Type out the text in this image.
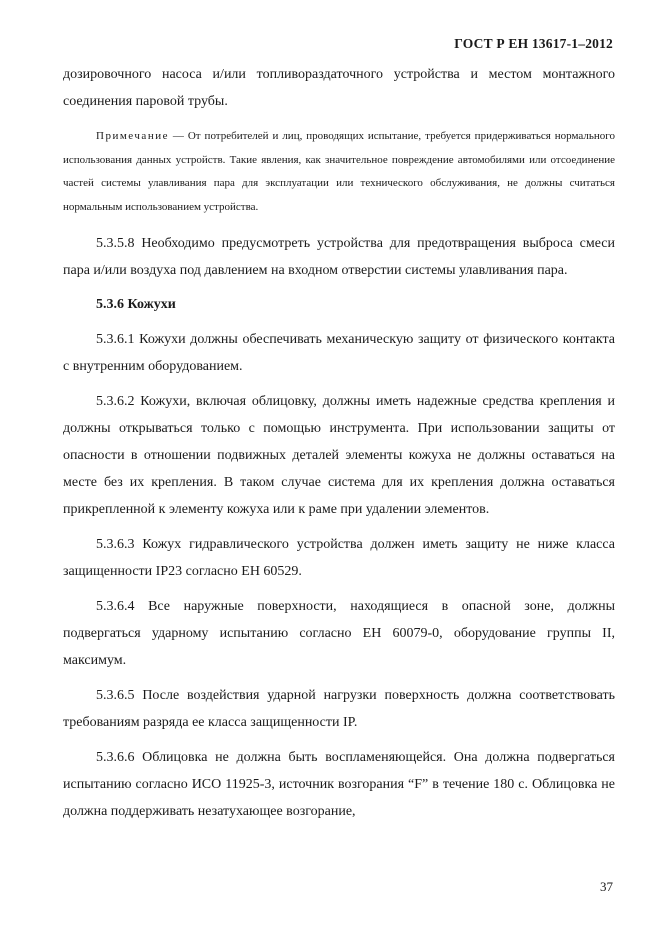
ГОСТ Р ЕН 13617-1–2012

дозировочного насоса и/или топливораздаточного устройства и местом монтажного соединения паровой трубы.

Примечание — От потребителей и лиц, проводящих испытание, требуется придерживаться нормального использования данных устройств. Такие явления, как значительное повреждение автомобилями или отсоединение частей системы улавливания пара для эксплуатации или технического обслуживания, не должны считаться нормальным использованием устройства.

5.3.5.8 Необходимо предусмотреть устройства для предотвращения выброса смеси пара и/или воздуха под давлением на входном отверстии системы улавливания пара.

5.3.6 Кожухи

5.3.6.1 Кожухи должны обеспечивать механическую защиту от физического контакта с внутренним оборудованием.

5.3.6.2 Кожухи, включая облицовку, должны иметь надежные средства крепления и должны открываться только с помощью инструмента. При использовании защиты от опасности в отношении подвижных деталей элементы кожуха не должны оставаться на месте без их крепления. В таком случае система для их крепления должна оставаться прикрепленной к элементу кожуха или к раме при удалении элементов.

5.3.6.3 Кожух гидравлического устройства должен иметь защиту не ниже класса защищенности IP23 согласно ЕН 60529.

5.3.6.4 Все наружные поверхности, находящиеся в опасной зоне, должны подвергаться ударному испытанию согласно ЕН 60079-0, оборудование группы II, максимум.

5.3.6.5 После воздействия ударной нагрузки поверхность должна соответствовать требованиям разряда ее класса защищенности IP.

5.3.6.6 Облицовка не должна быть воспламеняющейся. Она должна подвергаться испытанию согласно ИСО 11925-3, источник возгорания “F” в течение 180 с. Облицовка не должна поддерживать незатухающее возгорание,

37
